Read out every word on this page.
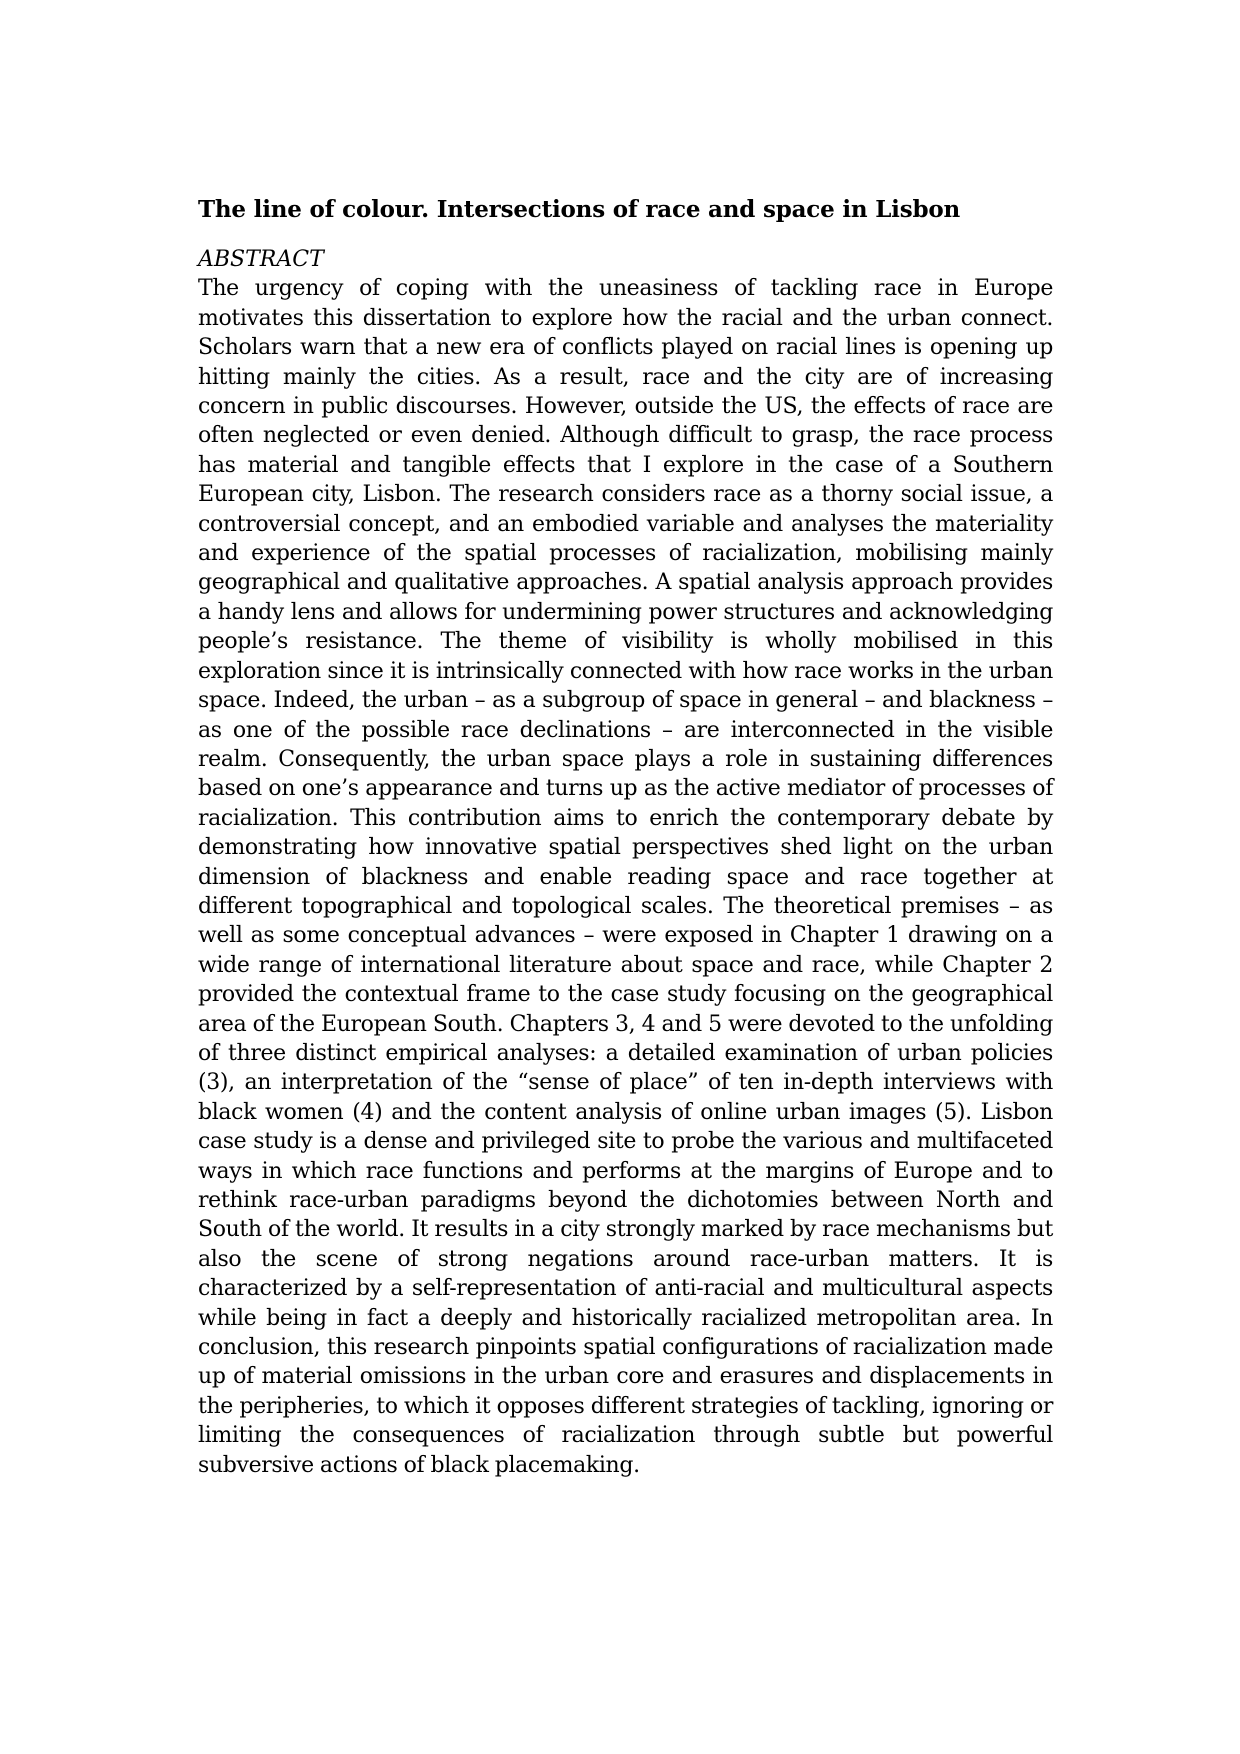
The line of colour. Intersections of race and space in Lisbon

ABSTRACT

The urgency of coping with the uneasiness of tackling race in Europe motivates this dissertation to explore how the racial and the urban connect. Scholars warn that a new era of conflicts played on racial lines is opening up hitting mainly the cities. As a result, race and the city are of increasing concern in public discourses. However, outside the US, the effects of race are often neglected or even denied. Although difficult to grasp, the race process has material and tangible effects that I explore in the case of a Southern European city, Lisbon. The research considers race as a thorny social issue, a controversial concept, and an embodied variable and analyses the materiality and experience of the spatial processes of racialization, mobilising mainly geographical and qualitative approaches. A spatial analysis approach provides a handy lens and allows for undermining power structures and acknowledging people’s resistance. The theme of visibility is wholly mobilised in this exploration since it is intrinsically connected with how race works in the urban space. Indeed, the urban – as a subgroup of space in general – and blackness – as one of the possible race declinations – are interconnected in the visible realm. Consequently, the urban space plays a role in sustaining differences based on one’s appearance and turns up as the active mediator of processes of racialization. This contribution aims to enrich the contemporary debate by demonstrating how innovative spatial perspectives shed light on the urban dimension of blackness and enable reading space and race together at different topographical and topological scales. The theoretical premises – as well as some conceptual advances – were exposed in Chapter 1 drawing on a wide range of international literature about space and race, while Chapter 2 provided the contextual frame to the case study focusing on the geographical area of the European South. Chapters 3, 4 and 5 were devoted to the unfolding of three distinct empirical analyses: a detailed examination of urban policies (3), an interpretation of the “sense of place” of ten in-depth interviews with black women (4) and the content analysis of online urban images (5). Lisbon case study is a dense and privileged site to probe the various and multifaceted ways in which race functions and performs at the margins of Europe and to rethink race-urban paradigms beyond the dichotomies between North and South of the world. It results in a city strongly marked by race mechanisms but also the scene of strong negations around race-urban matters. It is characterized by a self-representation of anti-racial and multicultural aspects while being in fact a deeply and historically racialized metropolitan area. In conclusion, this research pinpoints spatial configurations of racialization made up of material omissions in the urban core and erasures and displacements in the peripheries, to which it opposes different strategies of tackling, ignoring or limiting the consequences of racialization through subtle but powerful subversive actions of black placemaking.
